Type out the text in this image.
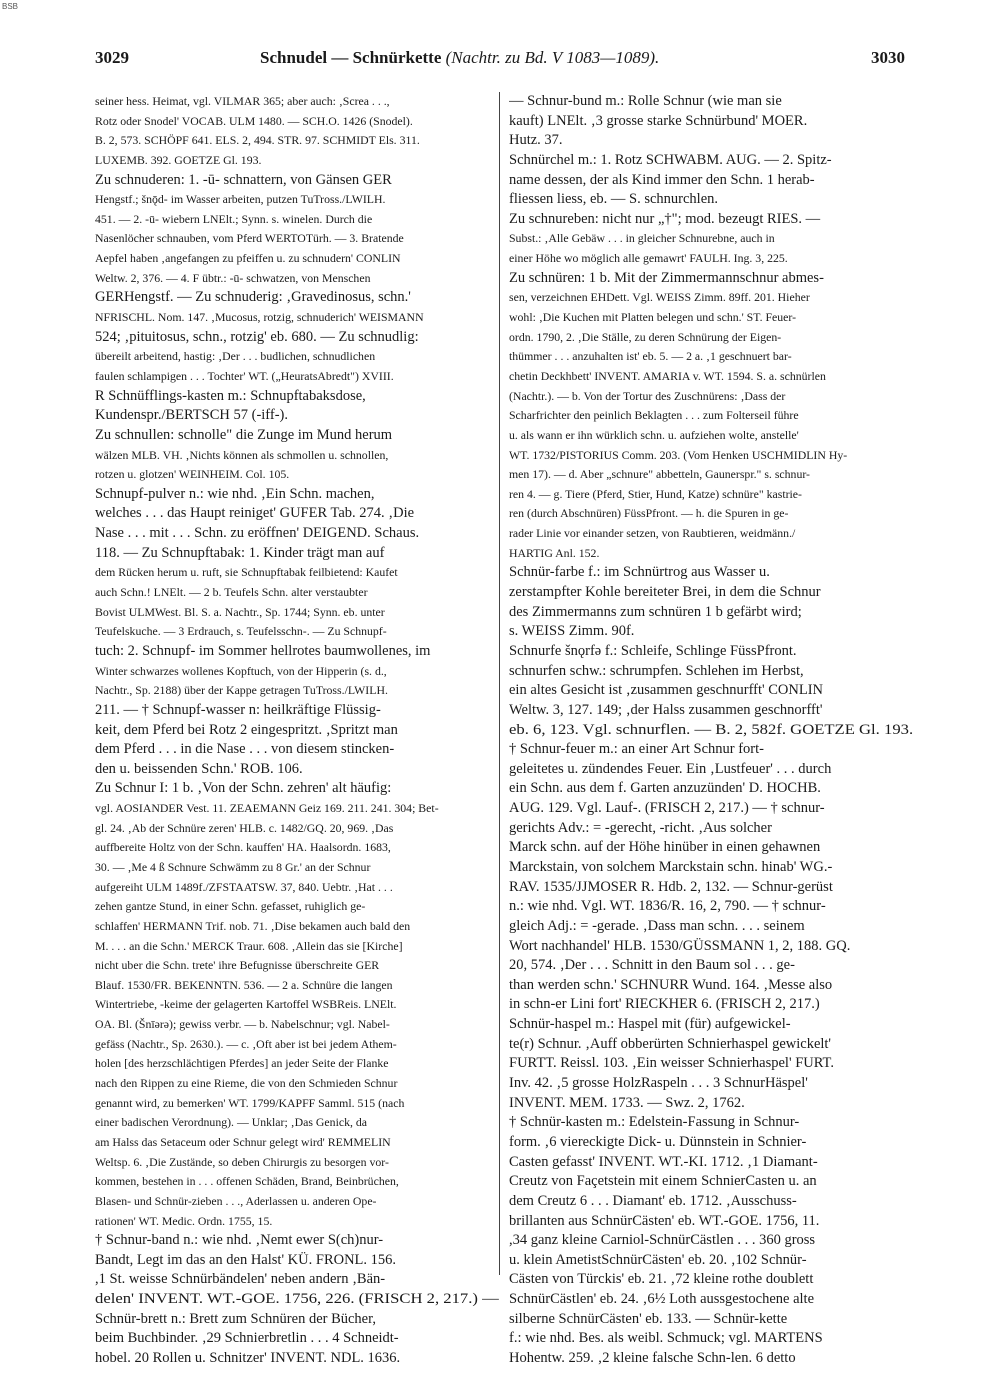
BSB
3029	Schnudel — Schnürkette (Nachtr. zu Bd. V 1083—1089).	3030
seiner hess. Heimat, vgl. VILMAR 365; aber auch: ‚Screa . . .,
Rotz oder Snodel' VOCAB. ULM 1480. — SCH.O. 1426 (Snodel).
B. 2, 573. SCHÖPF 641. ELS. 2, 494. STR. 97. SCHMIDT Els. 311.
LUXEMB. 392. GOETZE Gl. 193.
Zu schnuderen: 1. -ū- schnattern, von Gänsen GER
Hengstf.; šnǭd- im Wasser arbeiten, putzen TuTross./LWILH.
451. — 2. -ū- wiebern LNElt.; Synn. s. winelen. Durch die
Nasenlöcher schnauben, vom Pferd WERTOTürh. — 3. Bratende
Aepfel haben ‚angefangen zu pfeiffen u. zu schnudern' CONLIN
Weltw. 2, 376. — 4. F übtr.: -ū- schwatzen, von Menschen
GERHengstf. — Zu schnuderig: ‚Gravedinosus, schn.'
NFRISCHL. Nom. 147. ‚Mucosus, rotzig, schnuderich' WEISMANN
524; ‚pituitosus, schn., rotzig' eb. 680. — Zu schnudlig:
übereilt arbeitend, hastig: ‚Der . . . budlichen, schnudlichen
faulen schlampigen . . . Tochter' WT. („HeuratsAbredt") XVIII.
R Schnüfflings-kasten m.: Schnupftabaksdose,
Kundenspr./BERTSCH 57 (-iff-).
Zu schnullen: schnolle" die Zunge im Mund herum
wälzen MLB. VH. ‚Nichts können als schmollen u. schnollen,
rotzen u. glotzen' WEINHEIM. Col. 105.
Schnupf-pulver n.: wie nhd. ‚Ein Schn. machen,
welches . . . das Haupt reiniget' GUFER Tab. 274. ‚Die
Nase . . . mit . . . Schn. zu eröffnen' DEIGEND. Schaus.
118. — Zu Schnupftabak: 1. Kinder trägt man auf
dem Rücken herum u. ruft, sie Schnupftabak feilbietend: Kaufet
auch Schn.! LNElt. — 2 b. Teufels Schn. alter verstaubter
Bovist ULMWest. Bl. S. a. Nachtr., Sp. 1744; Synn. eb. unter
Teufelskuche. — 3 Erdrauch, s. Teufelsschn-. — Zu Schnupf-
tuch: 2. Schnupf- im Sommer hellrotes baumwollenes, im
Winter schwarzes wollenes Kopftuch, von der Hipperin (s. d.,
Nachtr., Sp. 2188) über der Kappe getragen TuTross./LWILH.
211. — † Schnupf-wasser n: heilkräftige Flüssig-
keit, dem Pferd bei Rotz 2 eingespritzt. ‚Spritzt man
dem Pferd . . . in die Nase . . . von diesem stincken-
den u. beissenden Schn.' ROB. 106.
Zu Schnur I: 1 b. ‚Von der Schn. zehren' alt häufig:
vgl. AOSIANDER Vest. 11. ZEAEMANN Geiz 169. 211. 241. 304; Bet-
gl. 24. ‚Ab der Schnüre zeren' HLB. c. 1482/GQ. 20, 969. ‚Das
auffbereite Holtz von der Schn. kauffen' HA. Haalsordn. 1683,
30. — ‚Me 4 ß Schnure Schwämm zu 8 Gr.' an der Schnur
aufgereiht ULM 1489f./ZFSTAATSW. 37, 840. Uebtr. ‚Hat . . .
zehen gantze Stund, in einer Schn. gefasset, ruhiglich ge-
schlaffen' HERMANN Trif. nob. 71. ‚Dise bekamen auch bald den
M. . . . an die Schn.' MERCK Traur. 608. ‚Allein das sie [Kirche]
nicht uber die Schn. trete' ihre Befugnisse überschreite GER
Blauf. 1530/FR. BEKENNTN. 536. — 2 a. Schnüre die langen
Wintertriebe, -keime der gelagerten Kartoffel WSBReis. LNElt.
OA. Bl. (Šnīərə); gewiss verbr. — b. Nabelschnur; vgl. Nabel-
gefäss (Nachtr., Sp. 2630.). — c. ‚Oft aber ist bei jedem Athem-
holen [des herzschlächtigen Pferdes] an jeder Seite der Flanke
nach den Rippen zu eine Rieme, die von den Schmieden Schnur
genannt wird, zu bemerken' WT. 1799/KAPFF Samml. 515 (nach
einer badischen Verordnung). — Unklar; ‚Das Genick, da
am Halss das Setaceum oder Schnur gelegt wird' REMMELIN
Weltsp. 6. ‚Die Zustände, so deben Chirurgis zu besorgen vor-
kommen, bestehen in . . . offenen Schäden, Brand, Beinbrüchen,
Blasen- und Schnür-zieben . . ., Aderlassen u. anderen Ope-
rationen' WT. Medic. Ordn. 1755, 15.
† Schnur-band n.: wie nhd. ‚Nemt ewer S(ch)nur-
Bandt, Legt im das an den Halst' KÜ. FRONL. 156.
,1 St. weisse Schnürbändelen' neben andern ‚Bän-
delen' INVENT. WT.-GOE. 1756, 226. (FRISCH 2, 217.) —
Schnür-brett n.: Brett zum Schnüren der Bücher,
beim Buchbinder. ‚29 Schnierbretlin . . . 4 Schneidt-
hobel. 20 Rollen u. Schnitzer' INVENT. NDL. 1636.
— Schnur-bund m.: Rolle Schnur (wie man sie
kauft) LNElt. ‚3 grosse starke Schnürbund' MOER.
Hutz. 37.
Schnürchel m.: 1. Rotz SCHWABM. AUG. — 2. Spitz-
name dessen, der als Kind immer den Schn. 1 herab-
fliessen liess, eb. — S. schnurchlen.
Zu schnureben: nicht nur „†"; mod. bezeugt RIES. —
Subst.: ‚Alle Gebäw . . . in gleicher Schnurebne, auch in
einer Höhe wo möglich alle gemawrt' FAULH. Ing. 3, 225.
Zu schnüren: 1 b. Mit der Zimmermannschnur abmes-
sen, verzeichnen EHDett. Vgl. WEISS Zimm. 89ff. 201. Hieher
wohl: ‚Die Kuchen mit Platten belegen und schn.' ST. Feuer-
ordn. 1790, 2. ‚Die Ställe, zu deren Schnürung der Eigen-
thümmer . . . anzuhalten ist' eb. 5. — 2 a. ‚1 geschnuert bar-
chetin Deckhbett' INVENT. AMARIA v. WT. 1594. S. a. schnürlen
(Nachtr.). — b. Von der Tortur des Zuschnürens: ‚Dass der
Scharfrichter den peinlich Beklagten . . . zum Folterseil führe
u. als wann er ihn würklich schn. u. aufziehen wolte, anstelle'
WT. 1732/PISTORIUS Comm. 203. (Vom Henken USCHMIDLIN Hy-
men 17). — d. Aber „schnure" abbetteln, Gaunerspr." s. schnur-
ren 4. — g. Tiere (Pferd, Stier, Hund, Katze) schnüre" kastrie-
ren (durch Abschnüren) FüssPfront. — h. die Spuren in ge-
rader Linie vor einander setzen, von Raubtieren, weidmänn./
HARTIG Anl. 152.
Schnür-farbe f.: im Schnürtrog aus Wasser u.
zerstampfter Kohle bereiteter Brei, in dem die Schnur
des Zimmermanns zum schnüren 1 b gefärbt wird;
s. WEISS Zimm. 90f.
Schnurfe šnǫrfə f.: Schleife, Schlinge FüssPfront.
schnurfen schw.: schrumpfen. Schlehen im Herbst,
ein altes Gesicht ist ‚zusammen geschnurfft' CONLIN
Weltw. 3, 127. 149; ‚der Halss zusammen geschnorfft'
eb. 6, 123. Vgl. schnurflen. — B. 2, 582f. GOETZE Gl. 193.
† Schnur-feuer m.: an einer Art Schnur fort-
geleitetes u. zündendes Feuer. Ein ‚Lustfeuer' . . . durch
ein Schn. aus dem f. Garten anzuzünden' D. HOCHB.
AUG. 129. Vgl. Lauf-. (FRISCH 2, 217.) — † schnur-
gerichts Adv.: = -gerecht, -richt. ‚Aus solcher
Marck schn. auf der Höhe hinüber in einen gehawnen
Marckstain, von solchem Marckstain schn. hinab' WG.-
RAV. 1535/JJMOSER R. Hdb. 2, 132. — Schnur-gerüst
n.: wie nhd. Vgl. WT. 1836/R. 16, 2, 790. — † schnur-
gleich Adj.: = -gerade. ‚Dass man schn. . . . seinem
Wort nachhandel' HLB. 1530/GÜSSMANN 1, 2, 188. GQ.
20, 574. ‚Der . . . Schnitt in den Baum sol . . . ge-
than werden schn.' SCHNURR Wund. 164. ‚Messe also
in schn-er Lini fort' RIECKHER 6. (FRISCH 2, 217.)
Schnür-haspel m.: Haspel mit (für) aufgewickel-
te(r) Schnur. ‚Auff obberürten Schnierhaspel gewickelt'
FURTT. Reissl. 103. ‚Ein weisser Schnierhaspel' FURT.
Inv. 42. ‚5 grosse HolzRaspeln . . . 3 SchnurHäspel'
INVENT. MEM. 1733. — Swz. 2, 1762.
† Schnür-kasten m.: Edelstein-Fassung in Schnur-
form. ‚6 viereckigte Dick- u. Dünnstein in Schnier-
Casten gefasst' INVENT. WT.-KI. 1712. ‚1 Diamant-
Creutz von Façetstein mit einem SchnierCasten u. an
dem Creutz 6 . . . Diamant' eb. 1712. ‚Ausschuss-
brillanten aus SchnürCästen' eb. WT.-GOE. 1756, 11.
,34 ganz kleine Carniol-SchnürCästlen . . . 360 gross
u. klein AmetistSchnürCästen' eb. 20. ‚102 Schnür-
Cästen von Türckis' eb. 21. ‚72 kleine rothe doublett
SchnürCästlen' eb. 24. ‚6½ Loth aussgestochene alte
silberne SchnürCästen' eb. 133. — Schnür-kette
f.: wie nhd. Bes. als weibl. Schmuck; vgl. MARTENS
Hohentw. 259. ‚2 kleine falsche Schn-len. 6 detto
